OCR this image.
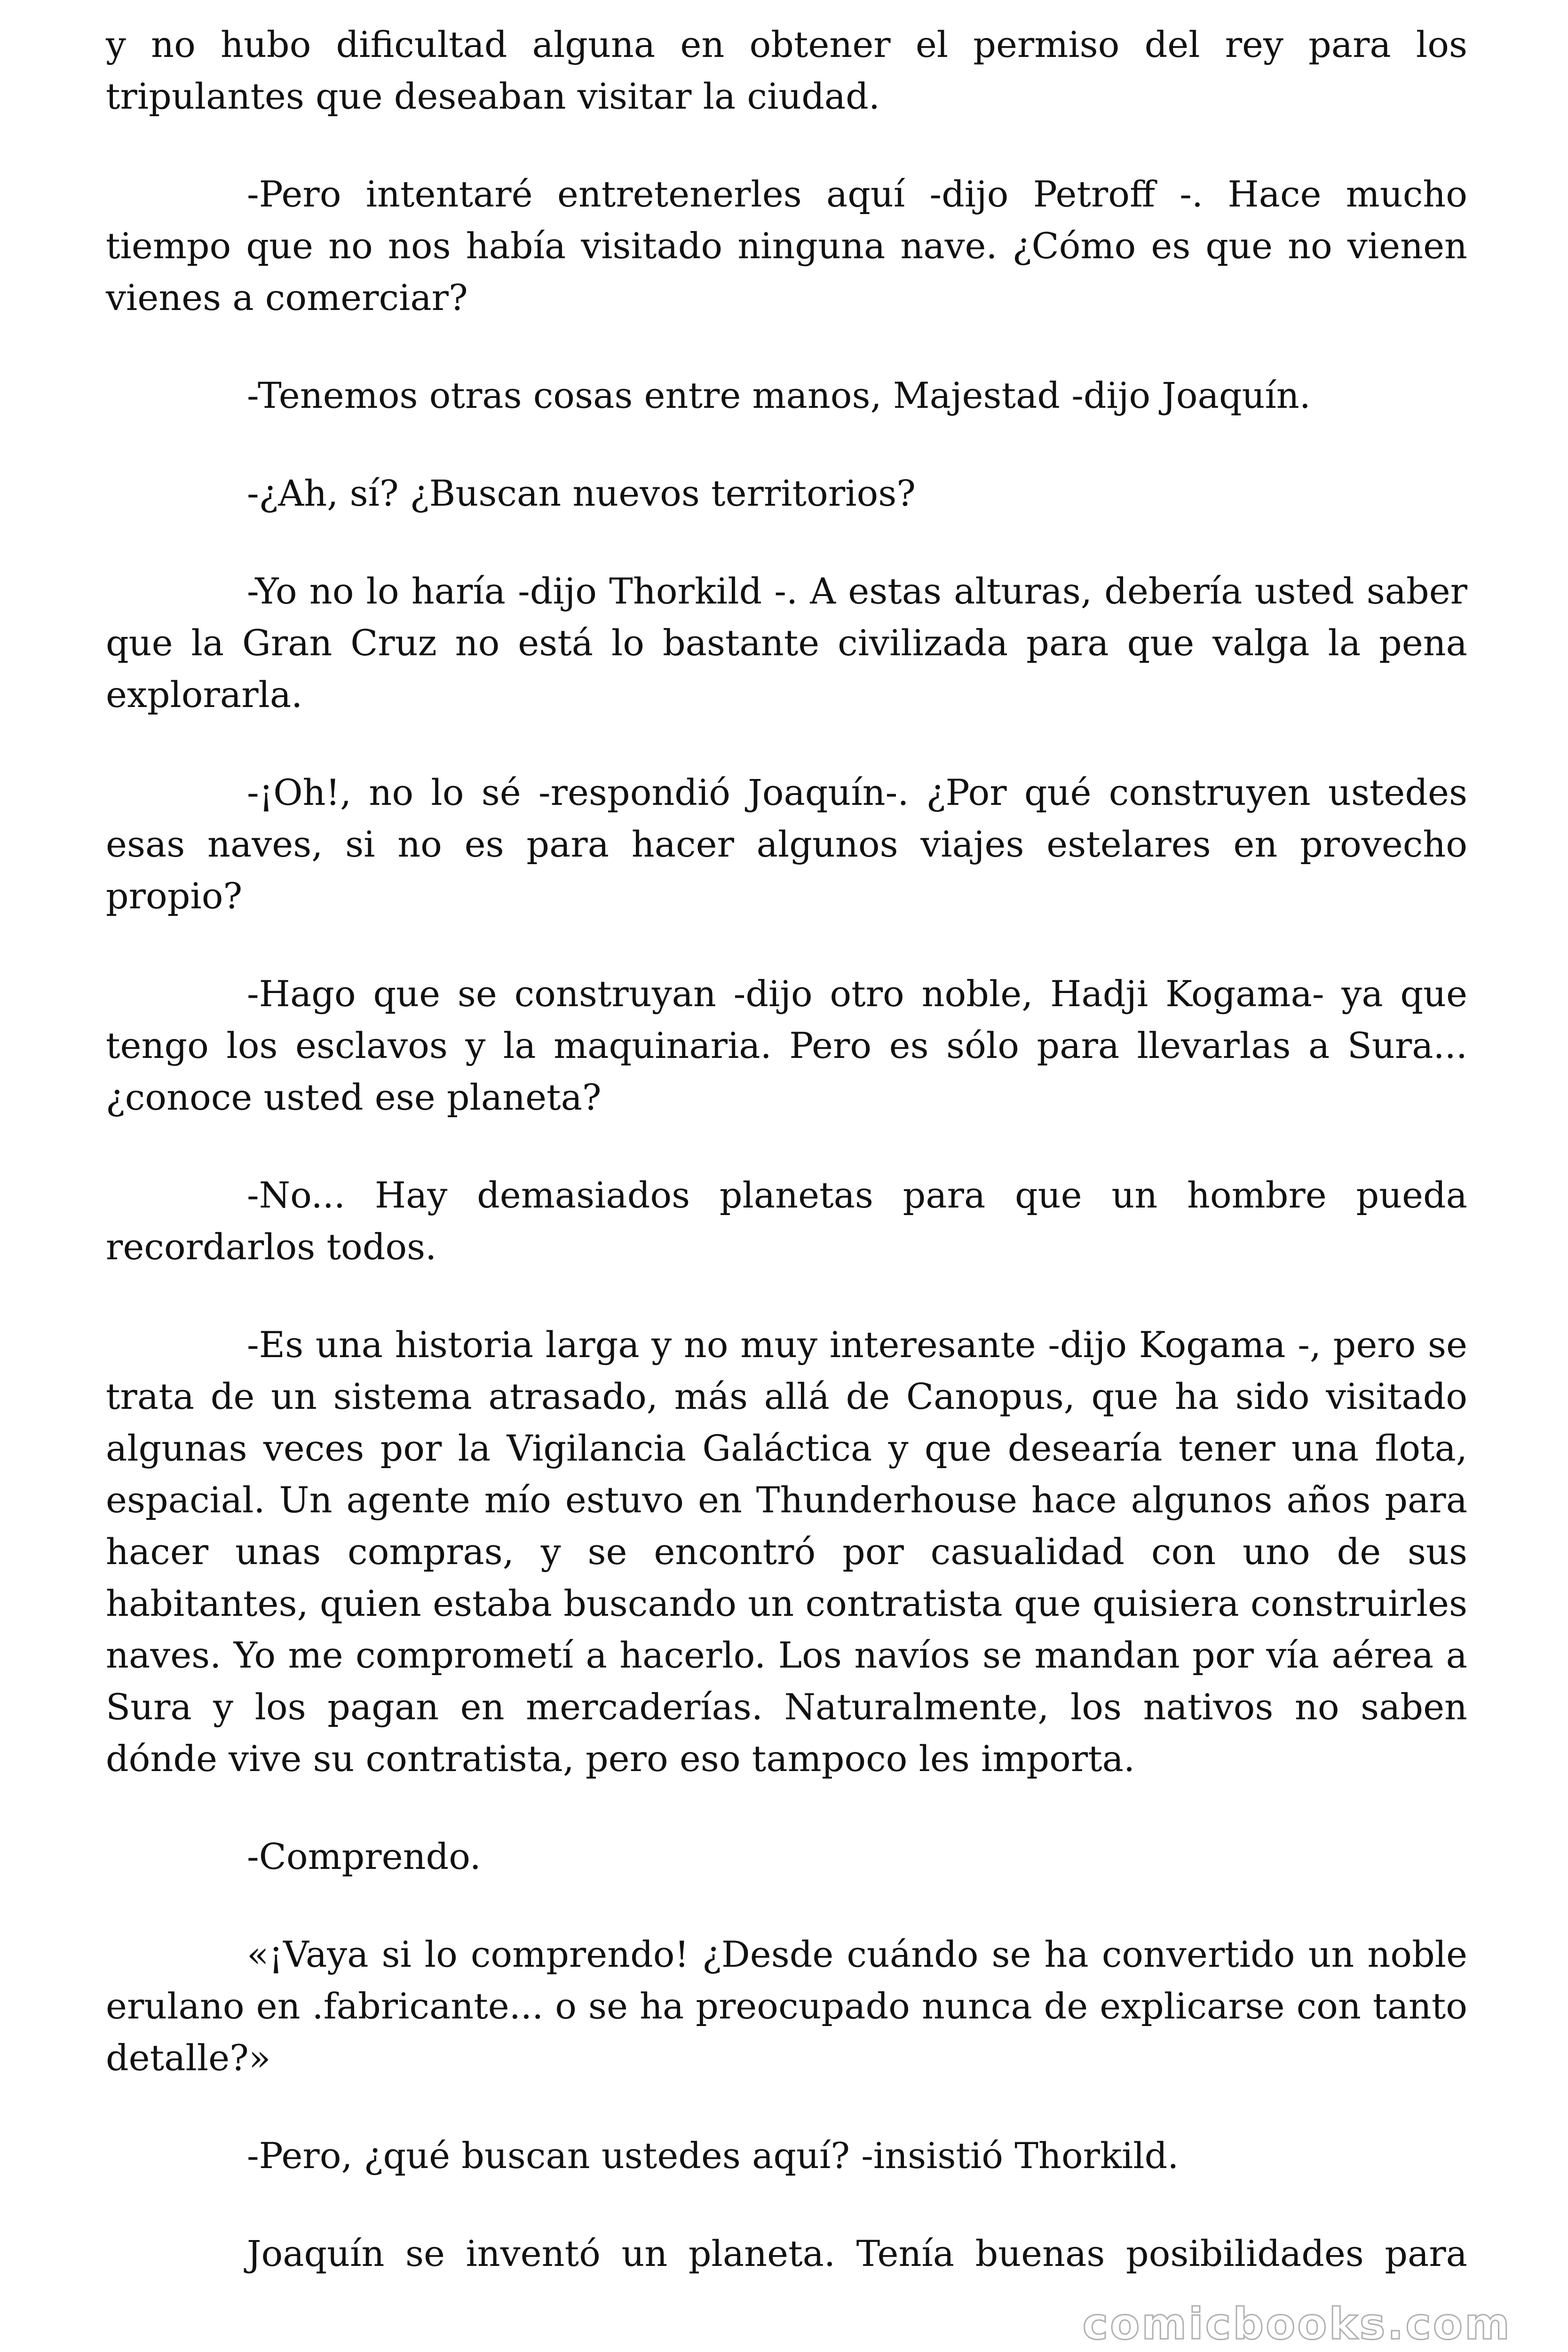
y no hubo dificultad alguna en obtener el permiso del rey para los tripulantes que deseaban visitar la ciudad.

-Pero intentaré entretenerles aquí -dijo Petroff -. Hace mucho tiempo que no nos había visitado ninguna nave. ¿Cómo es que no vienen vienes a comerciar?

-Tenemos otras cosas entre manos, Majestad -dijo Joaquín.

-¿Ah, sí? ¿Buscan nuevos territorios?

-Yo no lo haría -dijo Thorkild -. A estas alturas, debería usted saber que la Gran Cruz no está lo bastante civilizada para que valga la pena explorarla.

-¡Oh!, no lo sé -respondió Joaquín-. ¿Por qué construyen ustedes esas naves, si no es para hacer algunos viajes estelares en provecho propio?

-Hago que se construyan -dijo otro noble, Hadji Kogama- ya que tengo los esclavos y la maquinaria. Pero es sólo para llevarlas a Sura... ¿conoce usted ese planeta?

-No... Hay demasiados planetas para que un hombre pueda recordarlos todos.

-Es una historia larga y no muy interesante -dijo Kogama -, pero se trata de un sistema atrasado, más allá de Canopus, que ha sido visitado algunas veces por la Vigilancia Galáctica y que desearía tener una flota, espacial. Un agente mío estuvo en Thunderhouse hace algunos años para hacer unas compras, y se encontró por casualidad con uno de sus habitantes, quien estaba buscando un contratista que quisiera construirles naves. Yo me comprometí a hacerlo. Los navíos se mandan por vía aérea a Sura y los pagan en mercaderías. Naturalmente, los nativos no saben dónde vive su contratista, pero eso tampoco les importa.

-Comprendo.

«¡Vaya si lo comprendo! ¿Desde cuándo se ha convertido un noble erulano en .fabricante... o se ha preocupado nunca de explicarse con tanto detalle?»

-Pero, ¿qué buscan ustedes aquí? -insistió Thorkild.

Joaquín se inventó un planeta. Tenía buenas posibilidades para

comicbooks.com
